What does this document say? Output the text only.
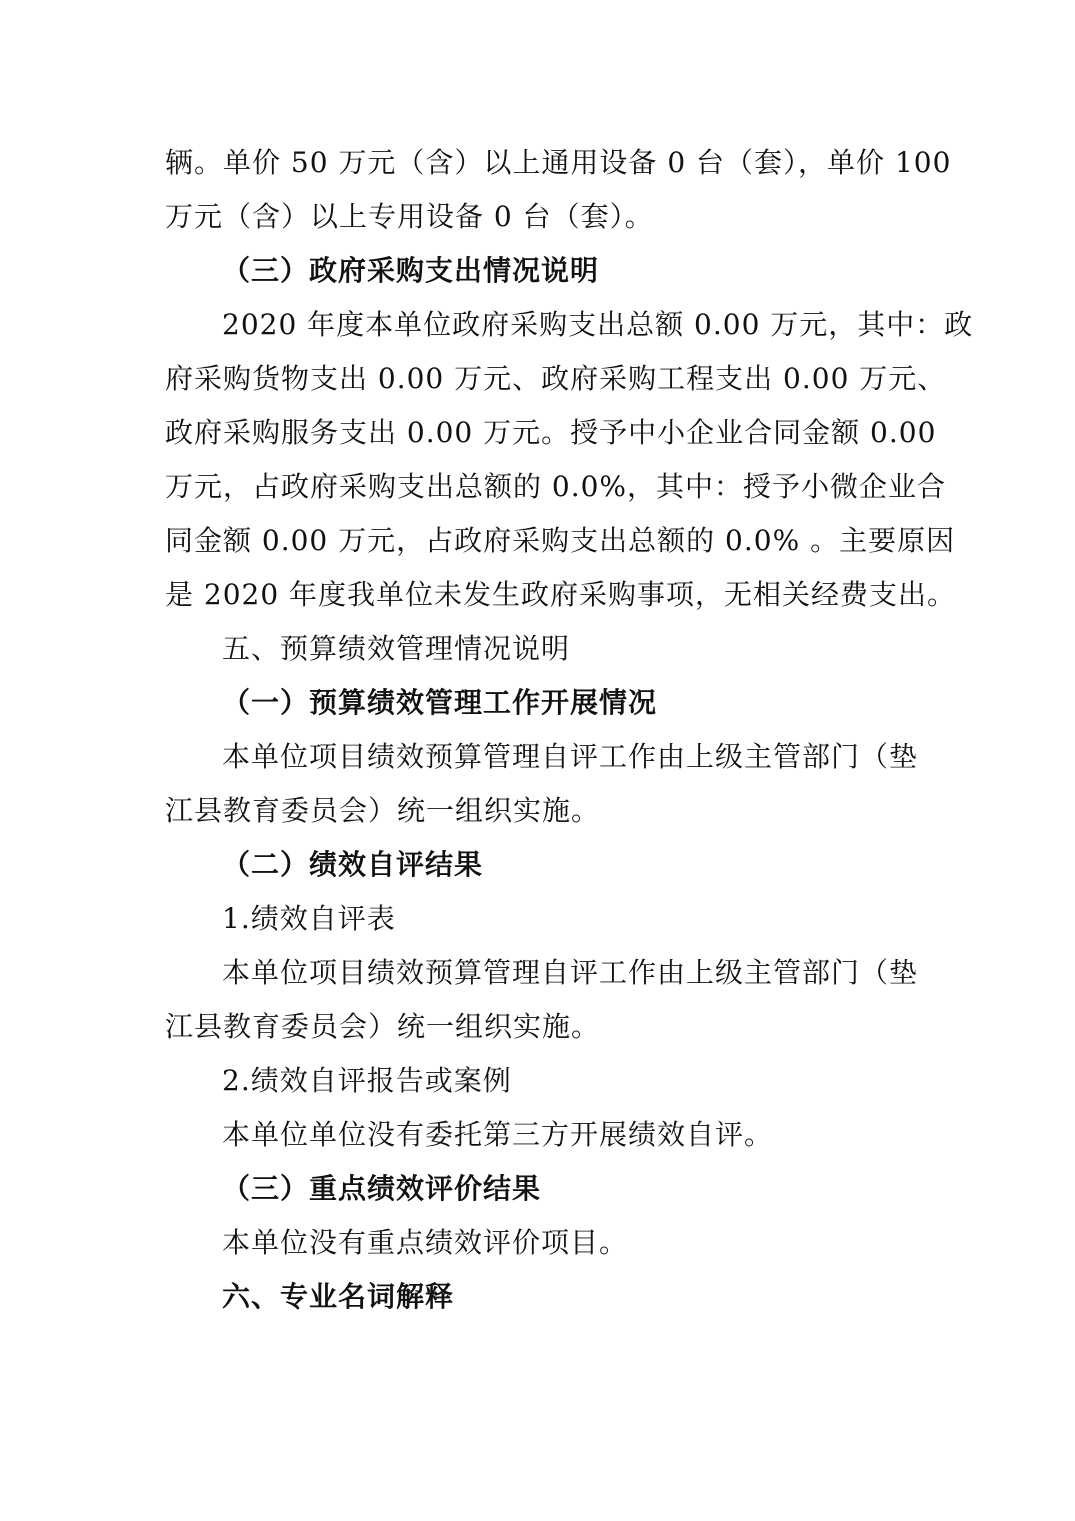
辆。单价 50 万元（含）以上通用设备 0 台（套），单价 100
万元（含）以上专用设备 0 台（套）。
（三）政府采购支出情况说明
2020 年度本单位政府采购支出总额 0.00 万元，其中：政
府采购货物支出 0.00 万元、政府采购工程支出 0.00 万元、
政府采购服务支出 0.00 万元。授予中小企业合同金额 0.00
万元，占政府采购支出总额的 0.0%，其中：授予小微企业合
同金额 0.00 万元，占政府采购支出总额的 0.0% 。主要原因
是 2020 年度我单位未发生政府采购事项，无相关经费支出。
五、预算绩效管理情况说明
（一）预算绩效管理工作开展情况
本单位项目绩效预算管理自评工作由上级主管部门（垫
江县教育委员会）统一组织实施。
（二）绩效自评结果
1.绩效自评表
本单位项目绩效预算管理自评工作由上级主管部门（垫
江县教育委员会）统一组织实施。
2.绩效自评报告或案例
本单位单位没有委托第三方开展绩效自评。
（三）重点绩效评价结果
本单位没有重点绩效评价项目。
六、专业名词解释
